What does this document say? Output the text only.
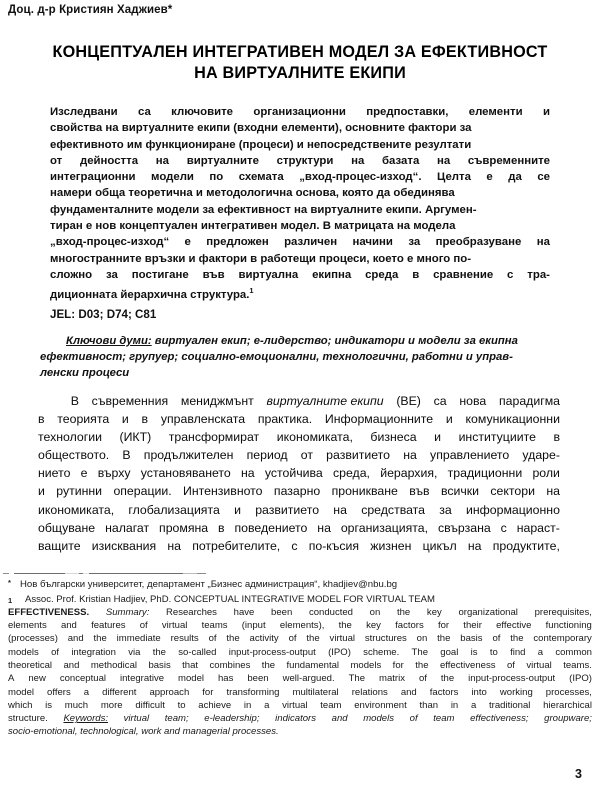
Доц. д-р Кристиян Хаджиев*
КОНЦЕПТУАЛЕН ИНТЕГРАТИВЕН МОДЕЛ ЗА ЕФЕКТИВНОСТ
НА ВИРТУАЛНИТЕ ЕКИПИ
Изследвани са ключовите организационни предпоставки, елементи и
свойства на виртуалните екипи (входни елементи), основните фактори за
ефективното им функциониране (процеси) и непосредствените резултати
от дейността на виртуалните структури на базата на съвременните
интеграционни модели по схемата „вход-процес-изход“. Целта е да се
намери обща теоретична и методологична основа, която да обединява
фундаменталните модели за ефективност на виртуалните екипи. Аргумен-
тиран е нов концептуален интегративен модел. В матрицата на модела
„вход-процес-изход“ е предложен различен начини за преобразуване на
многостранните връзки и фактори в работещи процеси, което е много по-
сложно за постигане във виртуална екипна среда в сравнение с тра-
диционната йерархична структура.$^1$
JEL: D03; D74; C81
Ключови думи: виртуален екип; е-лидерство; индикатори и модели за екипна
ефективност; групуер; социално-емоционални, технологични, работни и управ-
ленски процеси
В съвременния мениджмънт виртуалните екипи (ВЕ) са нова парадигма
в теорията и в управленската практика. Информационните и комуникационни
технологии (ИКТ) трансформират икономиката, бизнеса и институциите в
обществото. В продължителен период от развитието на управлението ударе-
нието е върху установяването на устойчива среда, йерархия, традиционни роли
и рутинни операции. Интензивното пазарно проникване във всички сектори на
икономиката, глобализацията и развитието на средствата за информационно
общуване налагат промяна в поведението на организацията, свързана с нараст-
ващите изисквания на потребителите, с по-късия жизнен цикъл на продуктите,
* Нов български университет, департамент „Бизнес администрация“, khadjiev@nbu.bg
1	Assoc. Prof. Kristian Hadjiev, PhD. CONCEPTUAL INTEGRATIVE MODEL FOR VIRTUAL TEAM
EFFECTIVENESS. Summary: Researches have been conducted on the key organizational prerequisites,
elements and features of virtual teams (input elements), the key factors for their effective functioning
(processes) and the immediate results of the activity of the virtual structures on the basis of the contemporary
models of integration via the so-called input-process-output (IPO) scheme. The goal is to find a common
theoretical and methodical basis that combines the fundamental models for the effectiveness of virtual teams.
A new conceptual integrative model has been well-argued. The matrix of the input-process-output (IPO)
model offers a different approach for transforming multilateral relations and factors into working processes,
which is much more difficult to achieve in a virtual team environment than in a traditional hierarchical
structure. Keywords: virtual team; e-leadership; indicators and models of team effectiveness; groupware;
socio-emotional, technological, work and managerial processes.
3
